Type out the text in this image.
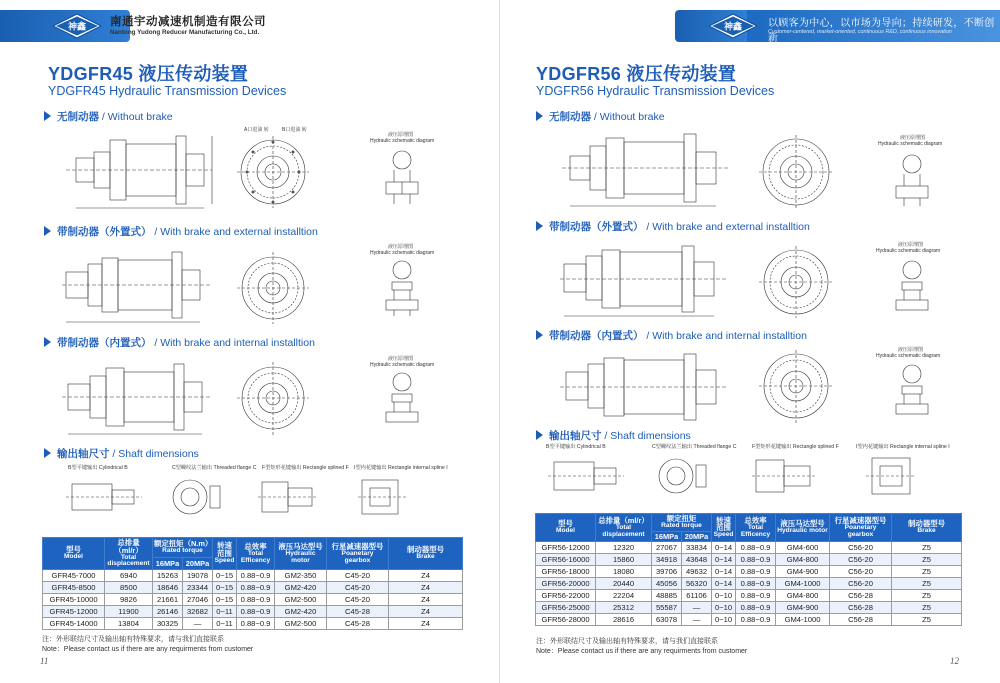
神鑫 南通宇动减速机制造有限公司
Nantong Yudong Reducer Manufacturing Co., Ltd.
YDGFR45 液压传动装置
YDGFR45 Hydraulic Transmission Devices
无制动器 / Without brake
带制动器（外置式） / With brake and external installtion
带制动器（内置式） / With brake and internal installtion
输出轴尺寸 / Shaft dimensions
A口进油 转	B口进油 转
液压原理图
Hydraulic schematic diagram
液压原理图
Hydraulic schematic diagram
液压原理图
Hydraulic schematic diagram
B型平键输出 Cylindrical B	C型螺纹法兰输出 Threaded flange C F型矩形花键输出 Rectangle splined F I型内花键输出 Rectangle internal spline I
型号
Model	总排量（ml/r）
Total displacement	额定扭矩（N.m）
Rated torque		转速范围
Speed	总效率
Total Efficency	液压马达型号
Hydraulic motor	行星减速器型号
Poanetary gearbox	制动器型号
Brake

		16MPa	20MPa					
GFR45-7000	6940	15263	19078	0~15	0.88~0.9	GM2-350	C45-20	Z4
GFR45-8500	8500	18646	23344	0~15	0.88~0.9	GM2-420	C45-20	Z4
GFR45-10000	9826	21661	27046	0~15	0.88~0.9	GM2-500	C45-20	Z4
GFR45-12000	11900	26146	32682	0~11	0.88~0.9	GM2-420	C45-28	Z4
GFR45-14000	13804	30325	—	0~11	0.88~0.9	GM2-500	C45-28	Z4
注：外形联结尺寸及输出轴有特殊要求，请与我们直接联系
Note：Please contact us if there are any requirments from customer
11
神鑫	以顾客为中心，以市场为导向；持续研发，不断创新
Customer-centered, market-oriented, continuous R&D, continuous innovation
YDGFR56 液压传动装置
YDGFR56 Hydraulic Transmission Devices
无制动器 / Without brake
带制动器（外置式） / With brake and external installtion
带制动器（内置式） / With brake and internal installtion
输出轴尺寸 / Shaft dimensions
液压原理图
Hydraulic schematic diagram
液压原理图
Hydraulic schematic diagram
液压原理图
Hydraulic schematic diagram
B型平键输出 Cylindrical B	C型螺纹法兰输出 Threaded flange C	F型矩形花键输出 Rectangle splined F	I型内花键输出 Rectangle internal spline I
型号
Model	总排量（ml/r）
Total displacement	额定扭矩
Rated torque		转速范围
Speed	总效率
Total Efficency	液压马达型号
Hydraulic motor	行星减速器型号
Poanetary gearbox	制动器型号
Brake

		16MPa	20MPa					
GFR56-12000	12320	27067	33834	0~14	0.88~0.9	GM4-600	C56-20	Z5
GFR56-16000	15860	34918	43648	0~14	0.88~0.9	GM4-800	C56-20	Z5
GFR56-18000	18080	39706	49632	0~14	0.88~0.9	GM4-900	C56-20	Z5
GFR56-20000	20440	45056	56320	0~14	0.88~0.9	GM4-1000	C56-20	Z5
GFR56-22000	22204	48885	61106	0~10	0.88~0.9	GM4-800	C56-28	Z5
GFR56-25000	25312	55587	—	0~10	0.88~0.9	GM4-900	C56-28	Z5
GFR56-28000	28616	63078	—	0~10	0.88~0.9	GM4-1000	C56-28	Z5
注：外形联结尺寸及输出轴有特殊要求，请与我们直接联系
Note：Please contact us if there are any requirments from customer
12
